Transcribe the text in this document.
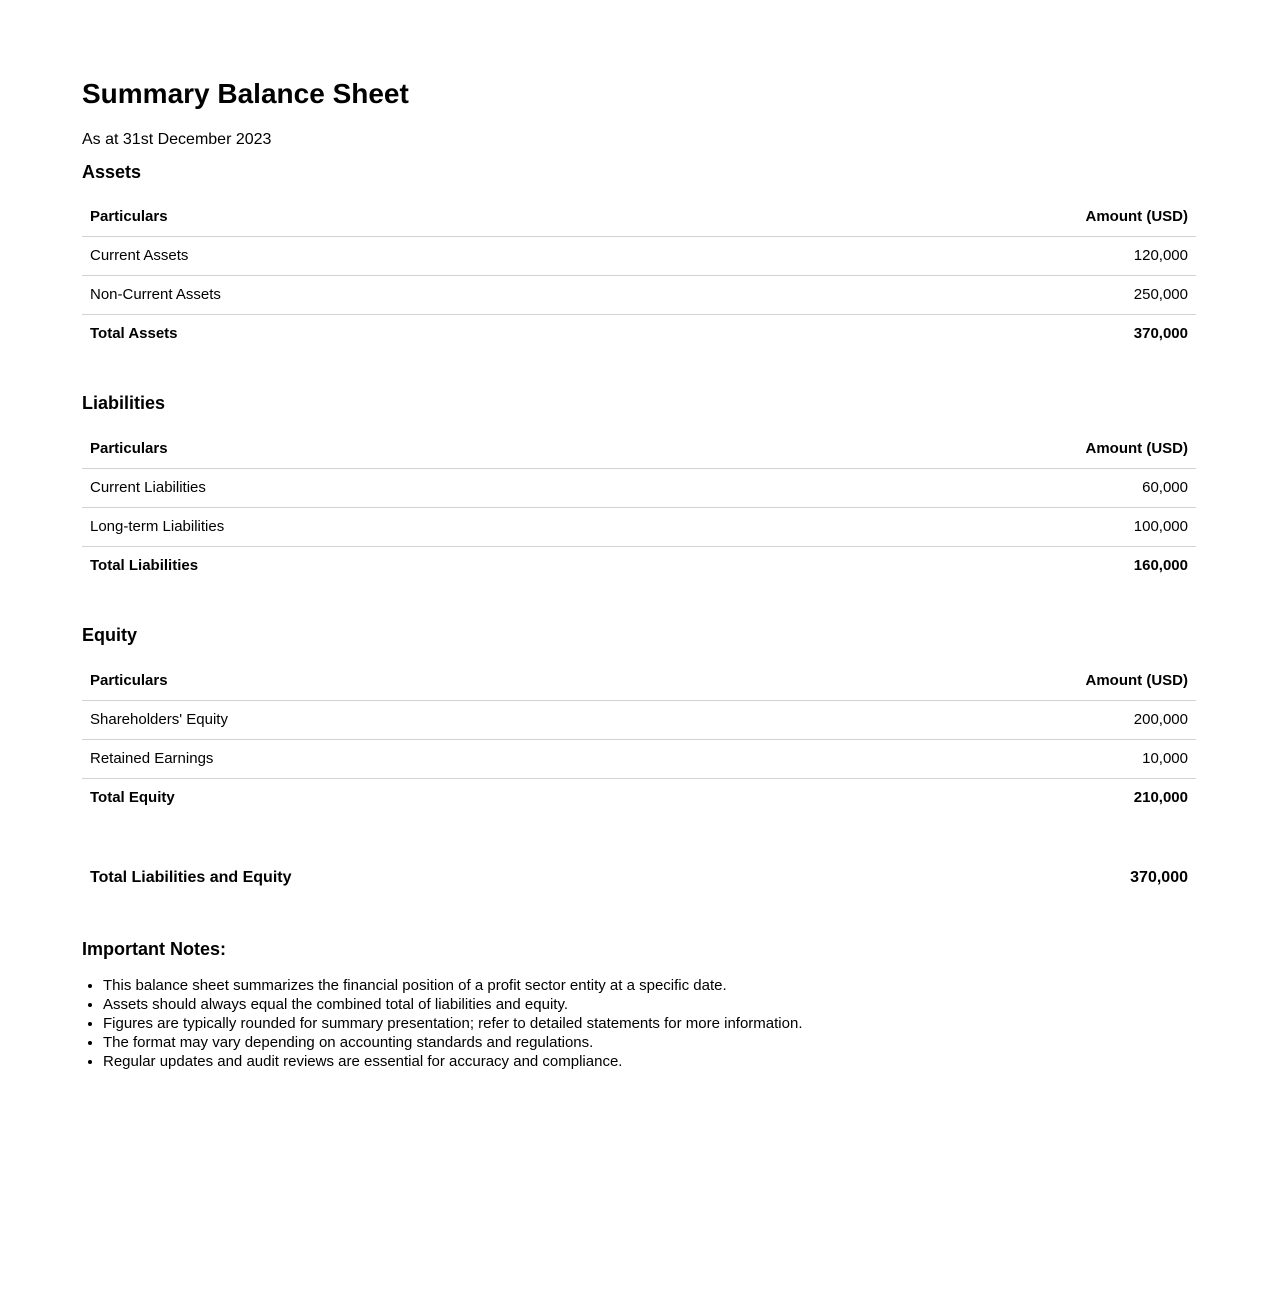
Summary Balance Sheet

As at 31st December 2023

Assets
Particulars	Amount (USD)
Current Assets	120,000
Non-Current Assets	250,000
Total Assets	370,000
Liabilities
Particulars	Amount (USD)
Current Liabilities	60,000
Long-term Liabilities	100,000
Total Liabilities	160,000
Equity
Particulars	Amount (USD)
Shareholders' Equity	200,000
Retained Earnings	10,000
Total Equity	210,000
Total Liabilities and Equity	370,000
Important Notes:
• This balance sheet summarizes the financial position of a profit sector entity at a specific date.
• Assets should always equal the combined total of liabilities and equity.
• Figures are typically rounded for summary presentation; refer to detailed statements for more information.
• The format may vary depending on accounting standards and regulations.
• Regular updates and audit reviews are essential for accuracy and compliance.
